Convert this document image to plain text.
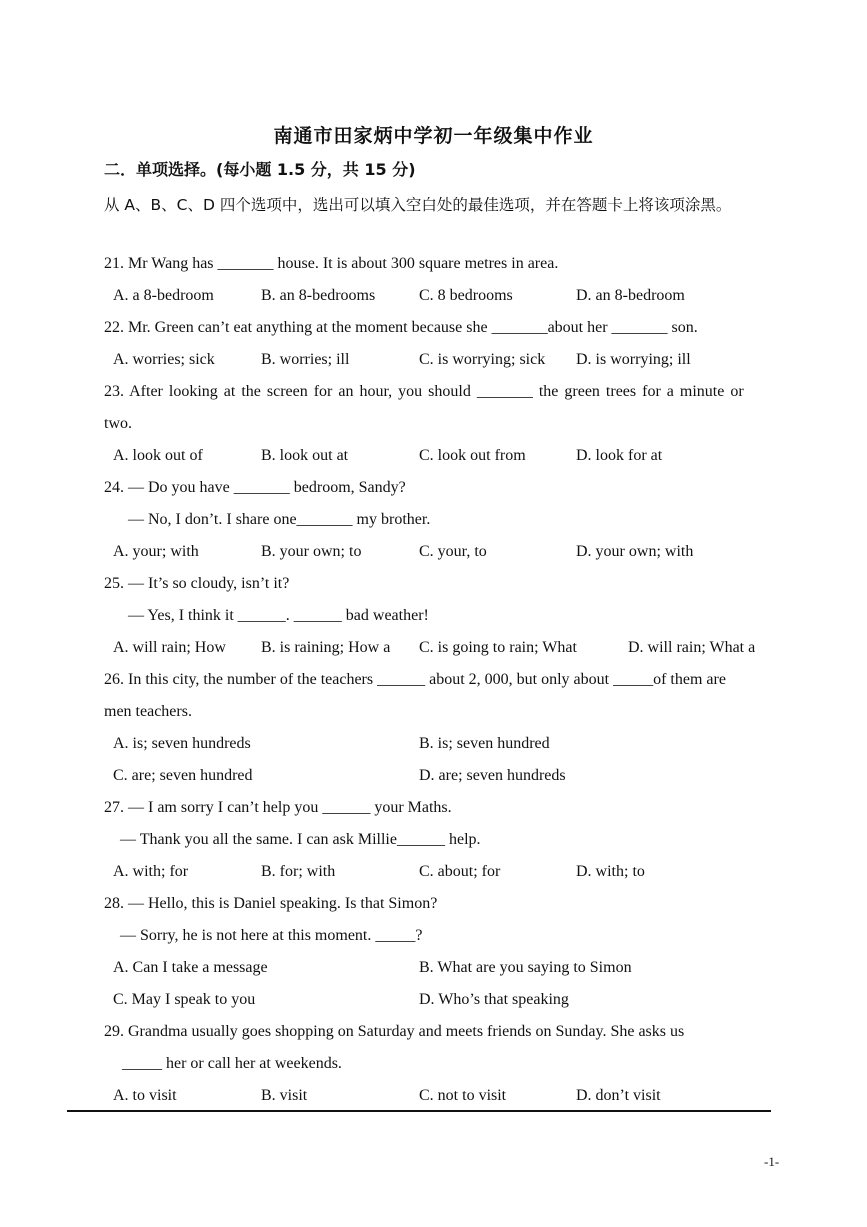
南通市田家炳中学初一年级集中作业
二．单项选择。(每小题 1.5 分，共 15 分)
从 A、B、C、D 四个选项中，选出可以填入空白处的最佳选项，并在答题卡上将该项涂黑。
21. Mr Wang has _______ house. It is about 300 square metres in area.
A. a 8-bedroom	B. an 8-bedrooms	C. 8 bedrooms	D. an 8-bedroom
22. Mr. Green can’t eat anything at the moment because she _______about her _______ son.
A. worries; sick	B. worries; ill	C. is worrying; sick D. is worrying; ill
23. After looking at the screen for an hour, you should _______ the green trees for a minute or
two.
A. look out of	B. look out at	C. look out from	D. look for at
24. — Do you have _______ bedroom, Sandy?
— No, I don’t. I share one_______ my brother.
A. your; with	B. your own; to	C. your, to	D. your own; with
25. — It’s so cloudy, isn’t it?
— Yes, I think it ______. ______ bad weather!
A. will rain; How B. is raining; How a C. is going to rain; What	D. will rain; What a
26. In this city, the number of the teachers ______ about 2, 000, but only about _____of them are
men teachers.
A. is; seven hundreds	B. is; seven hundred
C. are; seven hundred	D. are; seven hundreds
27. — I am sorry I can’t help you ______ your Maths.
— Thank you all the same. I can ask Millie______ help.
A. with; for	B. for; with	C. about; for	D. with; to
28. — Hello, this is Daniel speaking. Is that Simon?
— Sorry, he is not here at this moment. _____?
A. Can I take a message	B. What are you saying to Simon
C. May I speak to you	D. Who’s that speaking
29. Grandma usually goes shopping on Saturday and meets friends on Sunday. She asks us
_____ her or call her at weekends.
A. to visit	B. visit	C. not to visit	D. don’t visit
-1-
